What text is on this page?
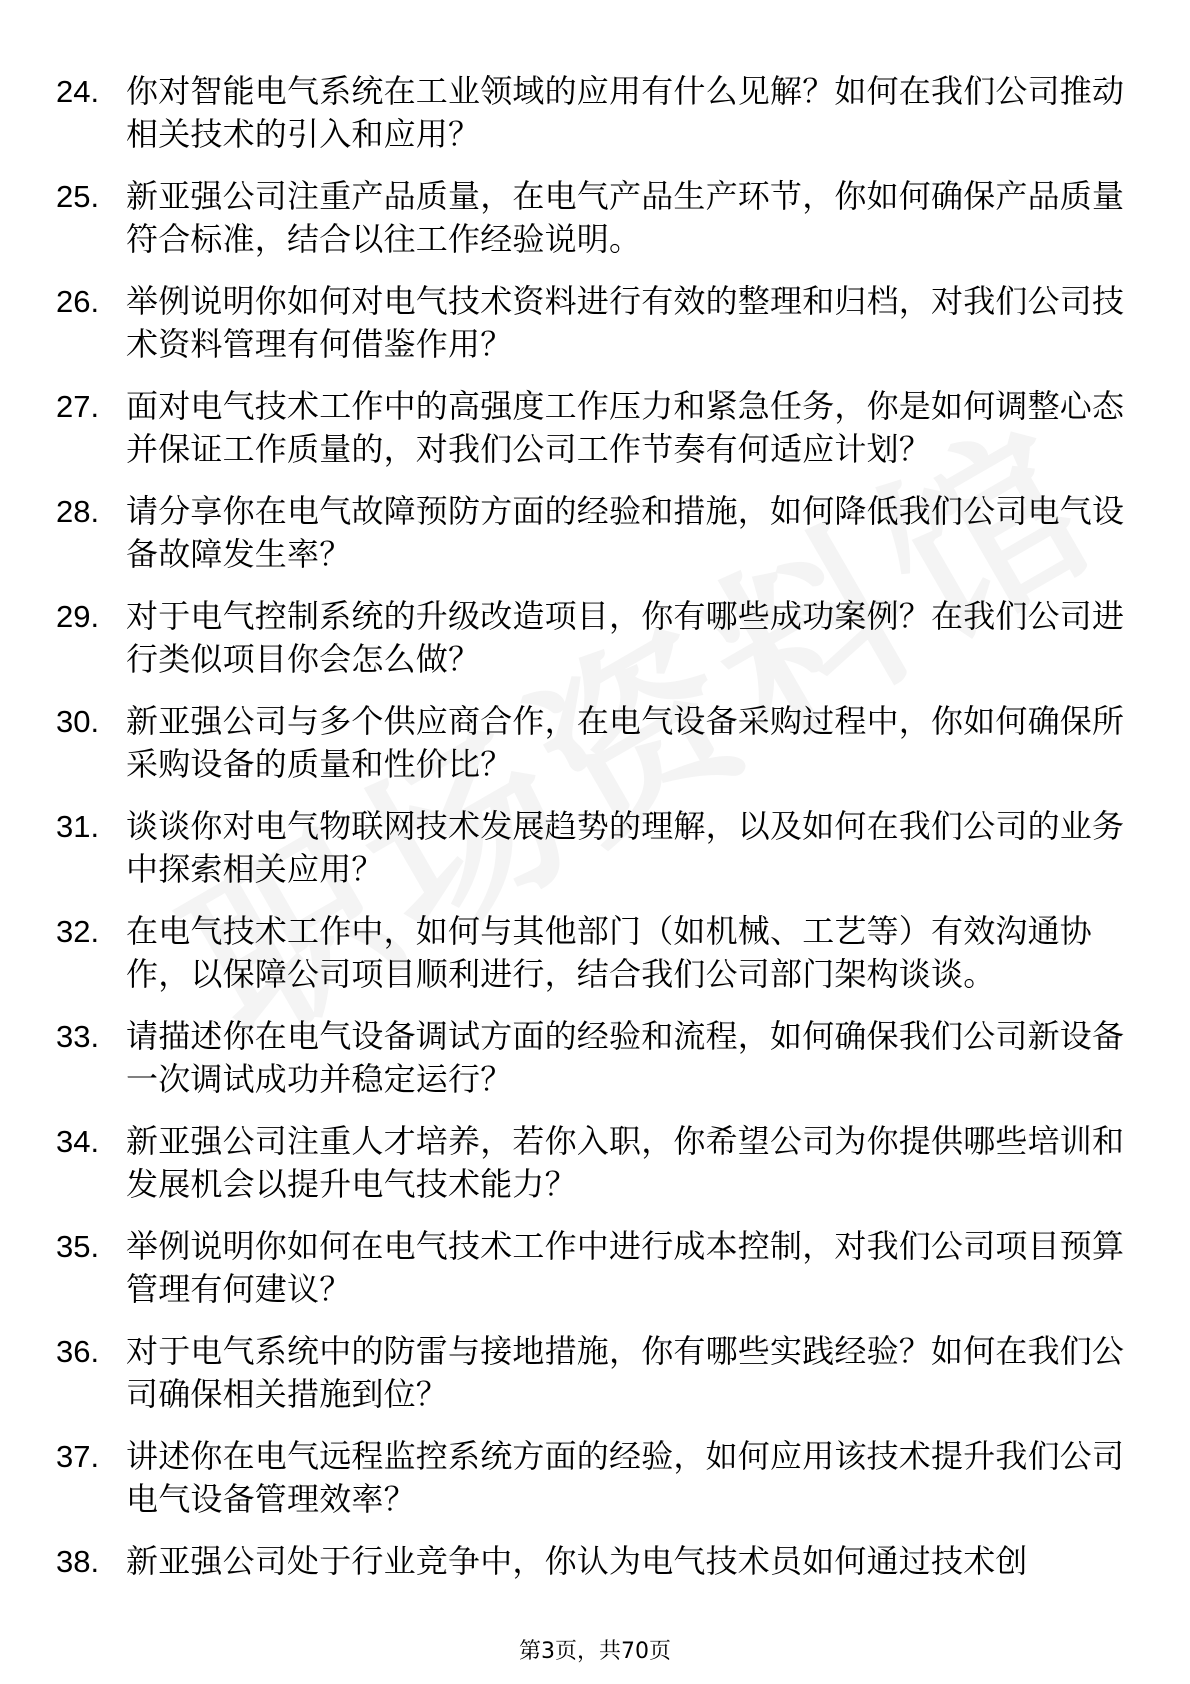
24. 你对智能电气系统在工业领域的应用有什么见解？如何在我们公司推动相关技术的引入和应用？
25. 新亚强公司注重产品质量，在电气产品生产环节，你如何确保产品质量符合标准，结合以往工作经验说明。
26. 举例说明你如何对电气技术资料进行有效的整理和归档，对我们公司技术资料管理有何借鉴作用？
27. 面对电气技术工作中的高强度工作压力和紧急任务，你是如何调整心态并保证工作质量的，对我们公司工作节奏有何适应计划？
28. 请分享你在电气故障预防方面的经验和措施，如何降低我们公司电气设备故障发生率？
29. 对于电气控制系统的升级改造项目，你有哪些成功案例？在我们公司进行类似项目你会怎么做？
30. 新亚强公司与多个供应商合作，在电气设备采购过程中，你如何确保所采购设备的质量和性价比？
31. 谈谈你对电气物联网技术发展趋势的理解，以及如何在我们公司的业务中探索相关应用？
32. 在电气技术工作中，如何与其他部门（如机械、工艺等）有效沟通协作，以保障公司项目顺利进行，结合我们公司部门架构谈谈。
33. 请描述你在电气设备调试方面的经验和流程，如何确保我们公司新设备一次调试成功并稳定运行？
34. 新亚强公司注重人才培养，若你入职，你希望公司为你提供哪些培训和发展机会以提升电气技术能力？
35. 举例说明你如何在电气技术工作中进行成本控制，对我们公司项目预算管理有何建议？
36. 对于电气系统中的防雷与接地措施，你有哪些实践经验？如何在我们公司确保相关措施到位？
37. 讲述你在电气远程监控系统方面的经验，如何应用该技术提升我们公司电气设备管理效率？
38. 新亚强公司处于行业竞争中，你认为电气技术员如何通过技术创
第3页，共70页
